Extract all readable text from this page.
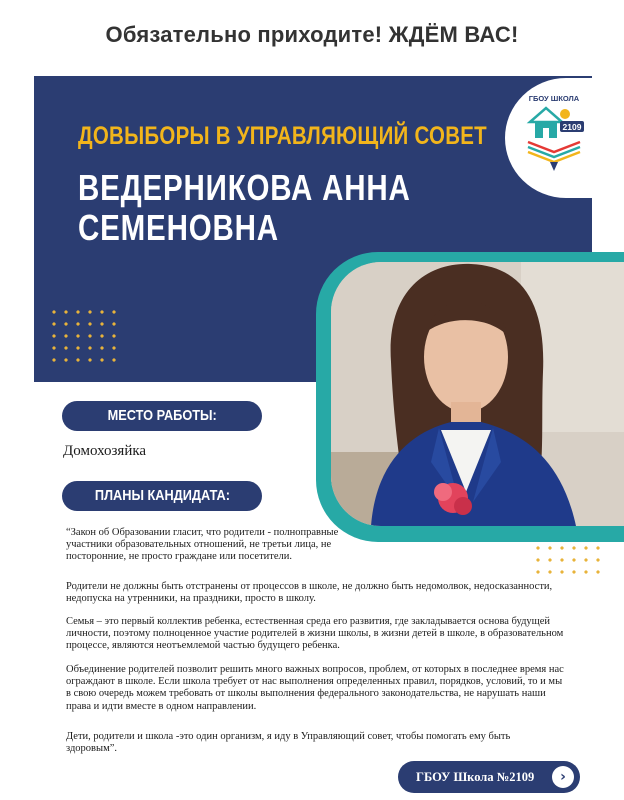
Обязательно приходите! ЖДЁМ ВАС!
ДОВЫБОРЫ В УПРАВЛЯЮЩИЙ СОВЕТ
ВЕДЕРНИКОВА АННА
СЕМЕНОВНА
ГБОУ ШКОЛА
2109
МЕСТО РАБОТЫ:
Домохозяйка
ПЛАНЫ КАНДИДАТА:
“Закон об Образовании гласит, что родители - полноправные участники образовательных отношений, не третьи лица, не посторонние, не просто граждане или посетители.
Родители не должны быть отстранены от процессов в школе, не должно быть недомолвок, недосказанности, недопуска на утренники, на праздники, просто в школу.
Семья – это первый коллектив ребенка, естественная среда его развития, где закладывается основа будущей личности, поэтому полноценное участие родителей в жизни школы, в жизни детей в школе, в образовательном процессе, являются неотъемлемой частью будущего ребенка.
Объединение родителей позволит решить много важных вопросов, проблем, от которых в последнее время нас ограждают в школе. Если школа требует от нас выполнения определенных правил, порядков, условий, то и мы в свою очередь можем требовать от школы выполнения федерального законодательства, не нарушать наши права и идти вместе в одном направлении.
Дети, родители и школа -это один организм, я иду в Управляющий совет, чтобы помогать ему быть здоровым”.
ГБОУ Школа №2109	›
